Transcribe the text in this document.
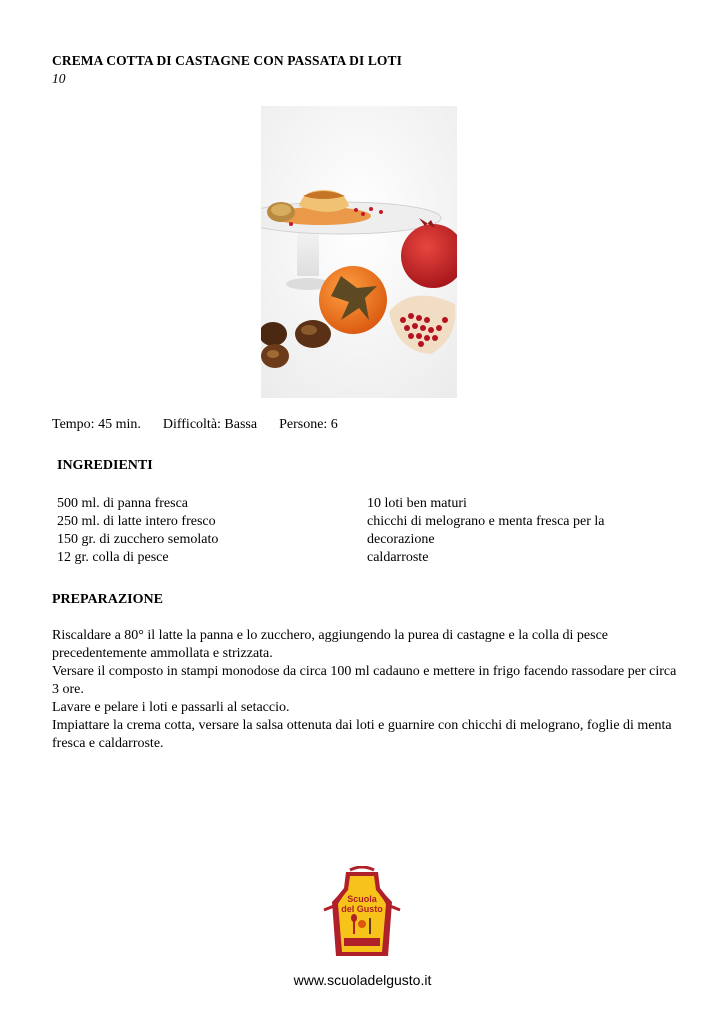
CREMA COTTA DI CASTAGNE CON PASSATA DI LOTI
10
Tempo: 45 min. Difficoltà: Bassa Persone: 6
INGREDIENTI
500 ml. di panna fresca
250 ml. di latte intero fresco
150 gr. di zucchero semolato
12 gr. colla di pesce
10 loti ben maturi
chicchi di melograno e menta fresca per la decorazione
caldarroste
PREPARAZIONE

Riscaldare a 80° il latte la panna e lo zucchero, aggiungendo la purea di castagne e la colla di pesce precedentemente ammollata e strizzata.

Versare il composto in stampi monodose da circa 100 ml cadauno e mettere in frigo facendo rassodare per circa 3 ore.

Lavare e pelare i loti e passarli al setaccio.

Impiattare la crema cotta, versare la salsa ottenuta dai loti e guarnire con chicchi di melograno, foglie di menta fresca e caldarroste.

Scuola
del Gusto
www.scuoladelgusto.it
